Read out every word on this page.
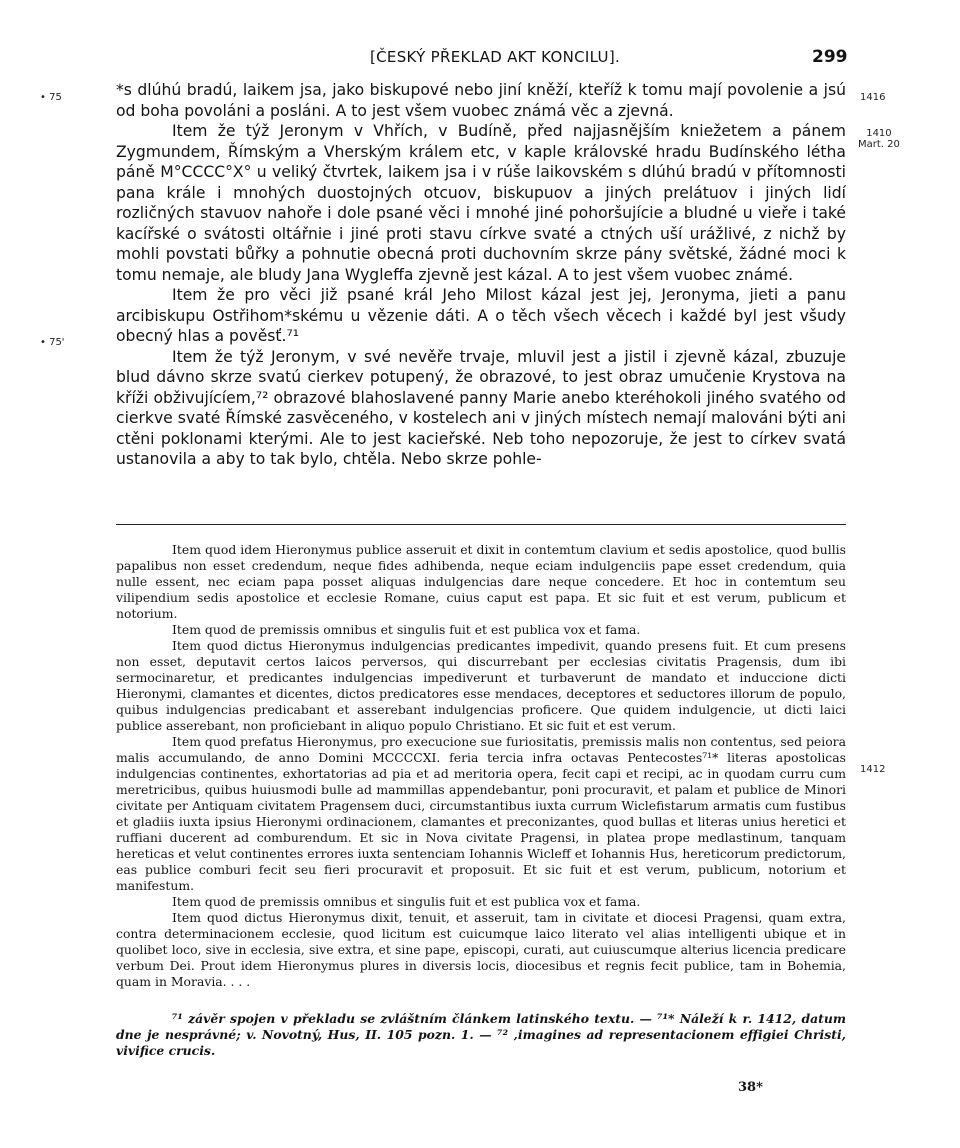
[ČESKÝ PŘEKLAD AKT KONCILU].	299
• 75
• 75'
1416
1410
Mart. 20
1412

*s dlúhú bradú, laikem jsa, jako biskupové nebo jiní kněží, kteříž k tomu mají povolenie a jsú od boha povoláni a posláni. A to jest všem vuobec známá věc a zjevná.

Item že týž Jeronym v Vhřích, v Budíně, před najjasnějším kniežetem a pánem Zygmundem, Římským a Vherským králem etc, v kaple královské hradu Budínského létha páně M°CCCC°X° u veliký čtvrtek, laikem jsa i v rúše laikovském s dlúhú bradú v přítomnosti pana krále i mnohých duostojných otcuov, biskupuov a jiných prelátuov i jiných lidí rozličných stavuov nahoře i dole psané věci i mnohé jiné pohoršujície a bludné u vieře i také kacířské o svátosti oltářnie i jiné proti stavu církve svaté a ctných uší urážlivé, z nichž by mohli povstati bůřky a pohnutie obecná proti duchovním skrze pány světské, žádné moci k tomu nemaje, ale bludy Jana Wygleffa zjevně jest kázal. A to jest všem vuobec známé.

Item že pro věci již psané král Jeho Milost kázal jest jej, Jeronyma, jieti a panu arcibiskupu Ostřihom*skému u vězenie dáti. A o těch všech věcech i každé byl jest všudy obecný hlas a pověsť.⁷¹

Item že týž Jeronym, v své nevěře trvaje, mluvil jest a jistil i zjevně kázal, zbuzuje blud dávno skrze svatú cierkev potupený, že obrazové, to jest obraz umučenie Krystova na kříži obživujícíem,⁷² obrazové blahoslavené panny Marie anebo kteréhokoli jiného svatého od cierkve svaté Římské zasvěceného, v kostelech ani v jiných místech nemají malováni býti ani ctěni poklonami kterými. Ale to jest kacieřské. Neb toho nepozoruje, že jest to církev svatá ustanovila a aby to tak bylo, chtěla. Nebo skrze pohle-

Item quod idem Hieronymus publice asseruit et dixit in contemtum clavium et sedis apostolice, quod bullis papalibus non esset credendum, neque fides adhibenda, neque eciam indulgenciis pape esset credendum, quia nulle essent, nec eciam papa posset aliquas indulgencias dare neque concedere. Et hoc in contemtum seu vilipendium sedis apostolice et ecclesie Romane, cuius caput est papa. Et sic fuit et est verum, publicum et notorium.

Item quod de premissis omnibus et singulis fuit et est publica vox et fama.

Item quod dictus Hieronymus indulgencias predicantes impedivit, quando presens fuit. Et cum presens non esset, deputavit certos laicos perversos, qui discurrebant per ecclesias civitatis Pragensis, dum ibi sermocinaretur, et predicantes indulgencias impediverunt et turbaverunt de mandato et induccione dicti Hieronymi, clamantes et dicentes, dictos predicatores esse mendaces, deceptores et seductores illorum de populo, quibus indulgencias predicabant et asserebant indulgencias proficere. Que quidem indulgencie, ut dicti laici publice asserebant, non proficiebant in aliquo populo Christiano. Et sic fuit et est verum.

Item quod prefatus Hieronymus, pro execucione sue furiositatis, premissis malis non contentus, sed peiora malis accumulando, de anno Domini MCCCCXI. feria tercia infra octavas Pentecostes⁷¹* literas apostolicas indulgencias continentes, exhortatorias ad pia et ad meritoria opera, fecit capi et recipi, ac in quodam curru cum meretricibus, quibus huiusmodi bulle ad mammillas appendebantur, poni procuravit, et palam et publice de Minori civitate per Antiquam civitatem Pragensem duci, circumstantibus iuxta currum Wiclefistarum armatis cum fustibus et gladiis iuxta ipsius Hieronymi ordinacionem, clamantes et preconizantes, quod bullas et literas unius heretici et ruffiani ducerent ad comburendum. Et sic in Nova civitate Pragensi, in platea prope medlastinum, tanquam hereticas et velut continentes errores iuxta sentenciam Iohannis Wicleff et Iohannis Hus, hereticorum predictorum, eas publice comburi fecit seu fieri procuravit et proposuit. Et sic fuit et est verum, publicum, notorium et manifestum.

Item quod de premissis omnibus et singulis fuit et est publica vox et fama.

Item quod dictus Hieronymus dixit, tenuit, et asseruit, tam in civitate et diocesi Pragensi, quam extra, contra determinacionem ecclesie, quod licitum est cuicumque laico literato vel alias intelligenti ubique et in quolibet loco, sive in ecclesia, sive extra, et sine pape, episcopi, curati, aut cuiuscumque alterius licencia predicare verbum Dei. Prout idem Hieronymus plures in diversis locis, diocesibus et regnis fecit publice, tam in Bohemia, quam in Moravia. . . .

⁷¹ závěr spojen v překladu se zvláštním článkem latinského textu. — ⁷¹* Náleží k r. 1412, datum dne je nesprávné; v. Novotný, Hus, II. 105 pozn. 1. — ⁷² ‚imagines ad representacionem effigiei Christi, vivifice crucis.

38*
